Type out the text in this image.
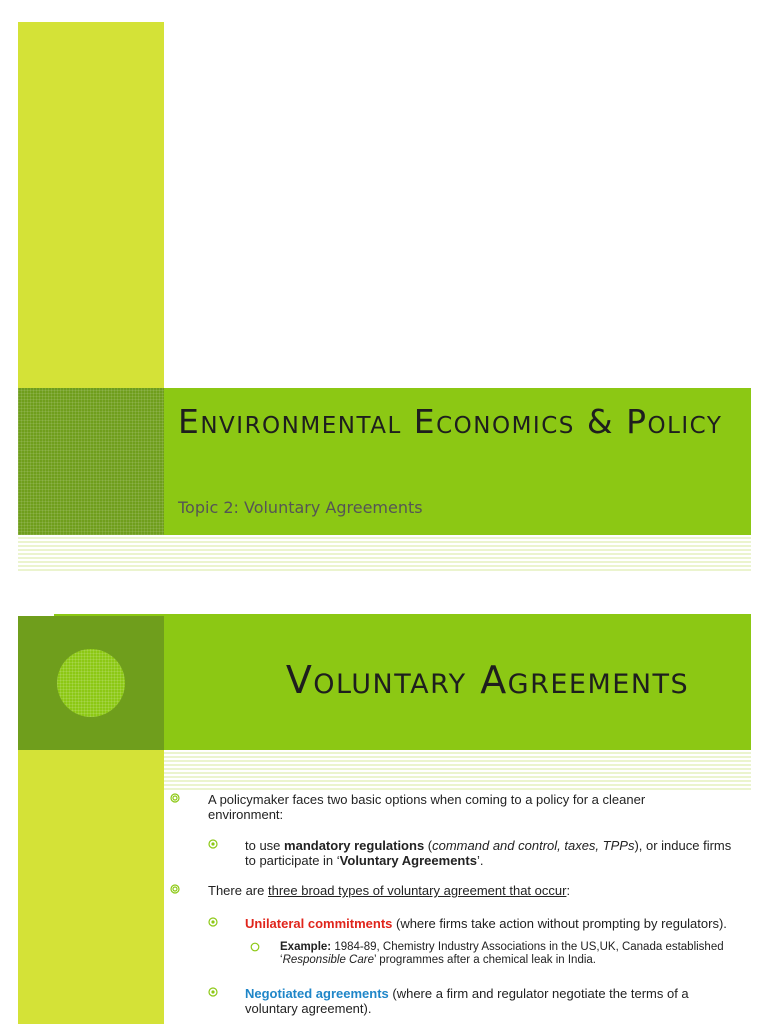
Environmental Economics & Policy
Topic 2: Voluntary Agreements
Voluntary Agreements
A policymaker faces two basic options when coming to a policy for a cleaner environment:
to use mandatory regulations (command and control, taxes, TPPs), or induce firms to participate in ‘Voluntary Agreements’.
There are three broad types of voluntary agreement that occur:
Unilateral commitments (where firms take action without prompting by regulators).
Example: 1984-89, Chemistry Industry Associations in the US,UK, Canada established ‘Responsible Care’ programmes after a chemical leak in India.
Negotiated agreements (where a firm and regulator negotiate the terms of a voluntary agreement).
